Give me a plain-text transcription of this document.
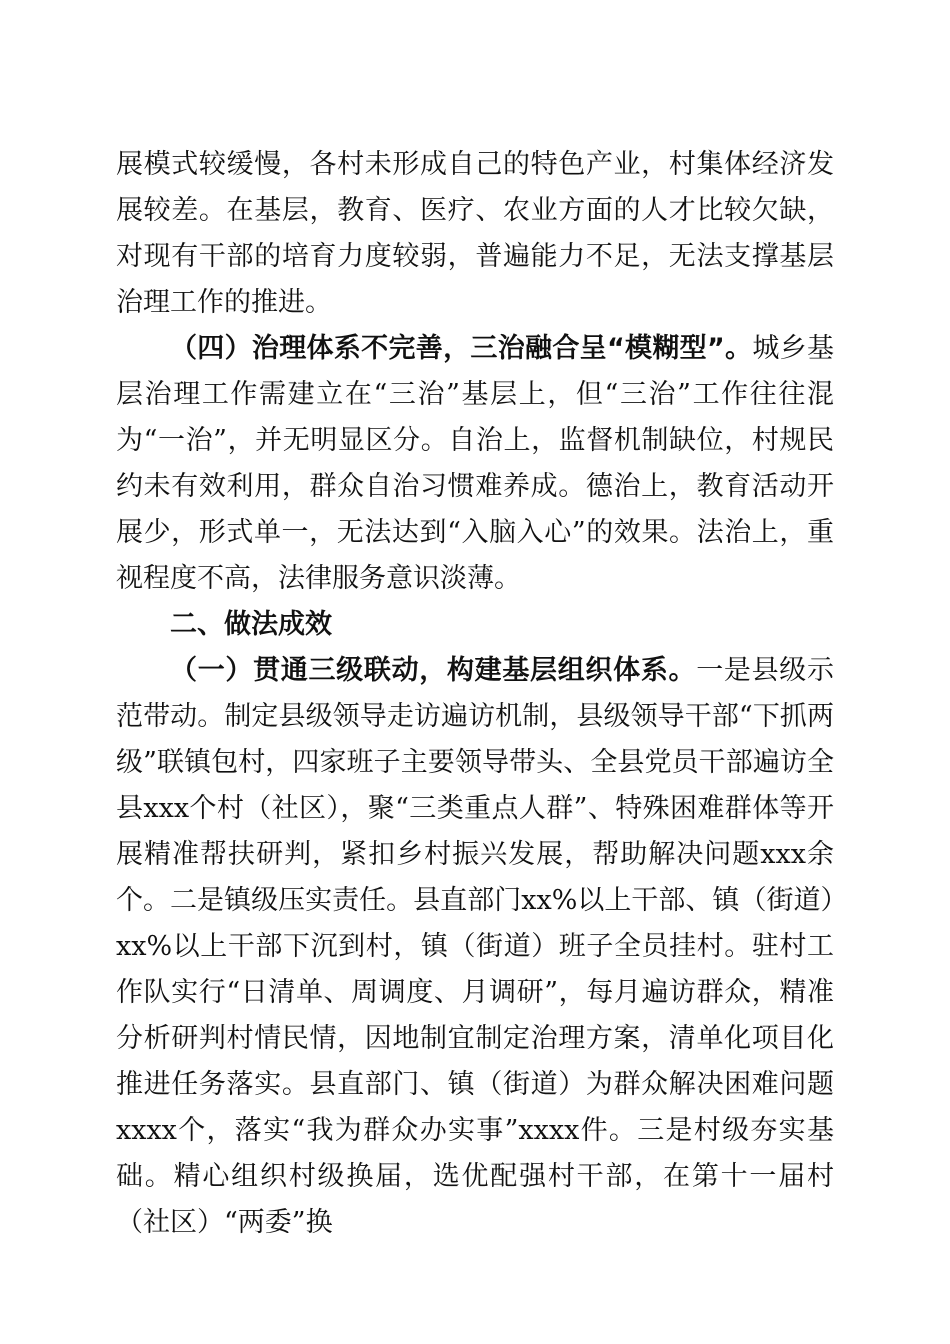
展模式较缓慢，各村未形成自己的特色产业，村集体经济发展较差。在基层，教育、医疗、农业方面的人才比较欠缺，对现有干部的培育力度较弱，普遍能力不足，无法支撑基层治理工作的推进。

（四）治理体系不完善，三治融合呈“模糊型”。城乡基层治理工作需建立在“三治”基层上，但“三治”工作往往混为“一治”，并无明显区分。自治上，监督机制缺位，村规民约未有效利用，群众自治习惯难养成。德治上，教育活动开展少，形式单一，无法达到“入脑入心”的效果。法治上，重视程度不高，法律服务意识淡薄。

二、做法成效

（一）贯通三级联动，构建基层组织体系。一是县级示范带动。制定县级领导走访遍访机制，县级领导干部“下抓两级”联镇包村，四家班子主要领导带头、全县党员干部遍访全县xxx个村（社区），聚“三类重点人群”、特殊困难群体等开展精准帮扶研判，紧扣乡村振兴发展，帮助解决问题xxx余个。二是镇级压实责任。县直部门xx%以上干部、镇（街道）xx%以上干部下沉到村，镇（街道）班子全员挂村。驻村工作队实行“日清单、周调度、月调研”，每月遍访群众，精准分析研判村情民情，因地制宜制定治理方案，清单化项目化推进任务落实。县直部门、镇（街道）为群众解决困难问题xxxx个，落实“我为群众办实事”xxxx件。三是村级夯实基础。精心组织村级换届，选优配强村干部，在第十一届村（社区）“两委”换
